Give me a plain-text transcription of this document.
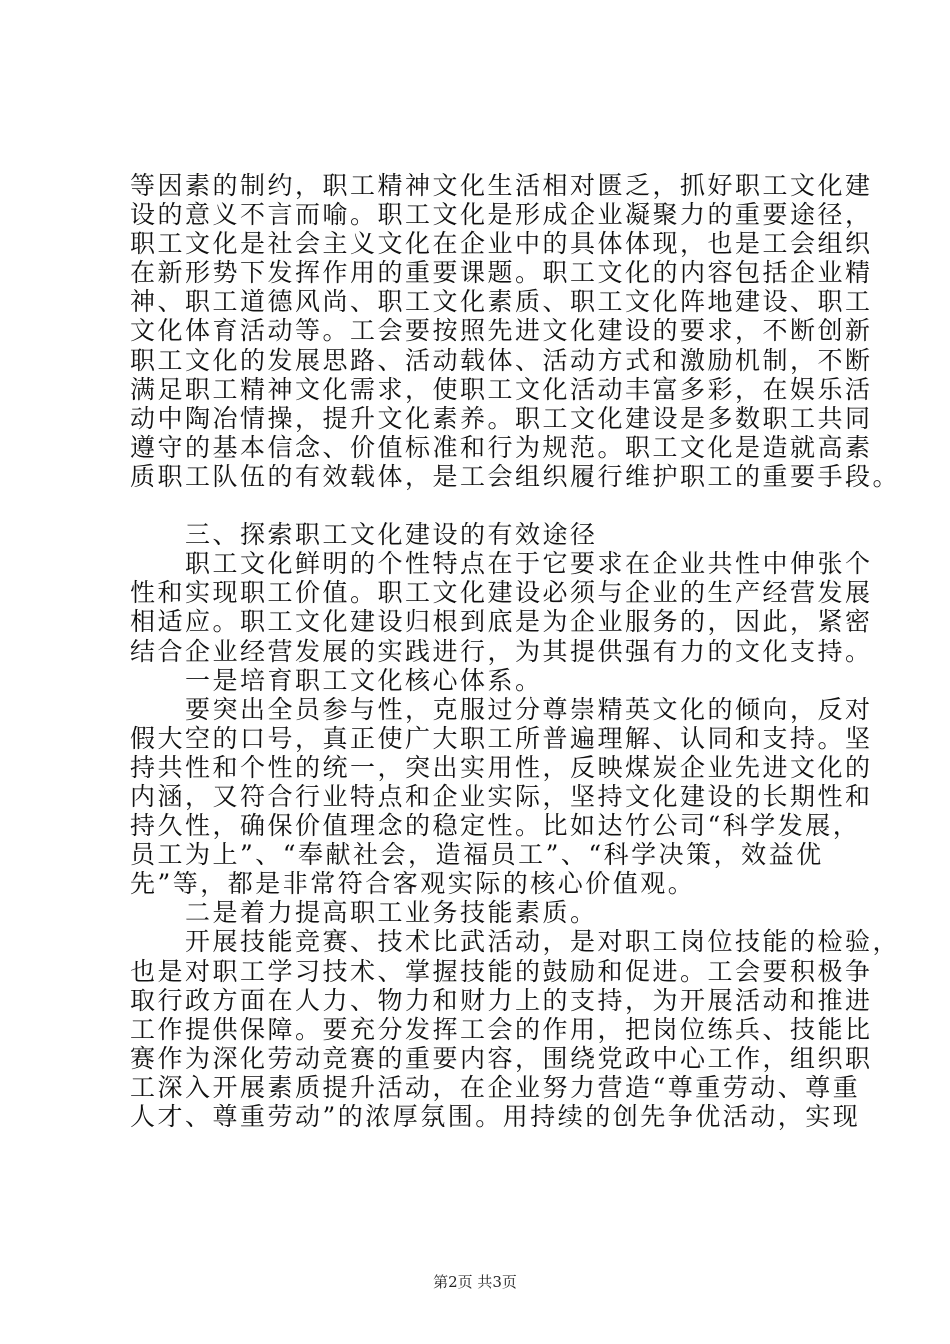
等因素的制约，职工精神文化生活相对匮乏，抓好职工文化建
设的意义不言而喻。职工文化是形成企业凝聚力的重要途径，
职工文化是社会主义文化在企业中的具体体现，也是工会组织
在新形势下发挥作用的重要课题。职工文化的内容包括企业精
神、职工道德风尚、职工文化素质、职工文化阵地建设、职工
文化体育活动等。工会要按照先进文化建设的要求，不断创新
职工文化的发展思路、活动载体、活动方式和激励机制，不断
满足职工精神文化需求，使职工文化活动丰富多彩，在娱乐活
动中陶冶情操，提升文化素养。职工文化建设是多数职工共同
遵守的基本信念、价值标准和行为规范。职工文化是造就高素
质职工队伍的有效载体，是工会组织履行维护职工的重要手段。
　　三、探索职工文化建设的有效途径
　　职工文化鲜明的个性特点在于它要求在企业共性中伸张个
性和实现职工价值。职工文化建设必须与企业的生产经营发展
相适应。职工文化建设归根到底是为企业服务的，因此，紧密
结合企业经营发展的实践进行，为其提供强有力的文化支持。
　　一是培育职工文化核心体系。
　　要突出全员参与性，克服过分尊崇精英文化的倾向，反对
假大空的口号，真正使广大职工所普遍理解、认同和支持。坚
持共性和个性的统一，突出实用性，反映煤炭企业先进文化的
内涵，又符合行业特点和企业实际，坚持文化建设的长期性和
持久性，确保价值理念的稳定性。比如达竹公司“科学发展，
员工为上”、“奉献社会，造福员工”、“科学决策，效益优
先”等，都是非常符合客观实际的核心价值观。
　　二是着力提高职工业务技能素质。
　　开展技能竞赛、技术比武活动，是对职工岗位技能的检验，
也是对职工学习技术、掌握技能的鼓励和促进。工会要积极争
取行政方面在人力、物力和财力上的支持，为开展活动和推进
工作提供保障。要充分发挥工会的作用，把岗位练兵、技能比
赛作为深化劳动竞赛的重要内容，围绕党政中心工作，组织职
工深入开展素质提升活动，在企业努力营造“尊重劳动、尊重
人才、尊重劳动”的浓厚氛围。用持续的创先争优活动，实现
第2页 共3页
